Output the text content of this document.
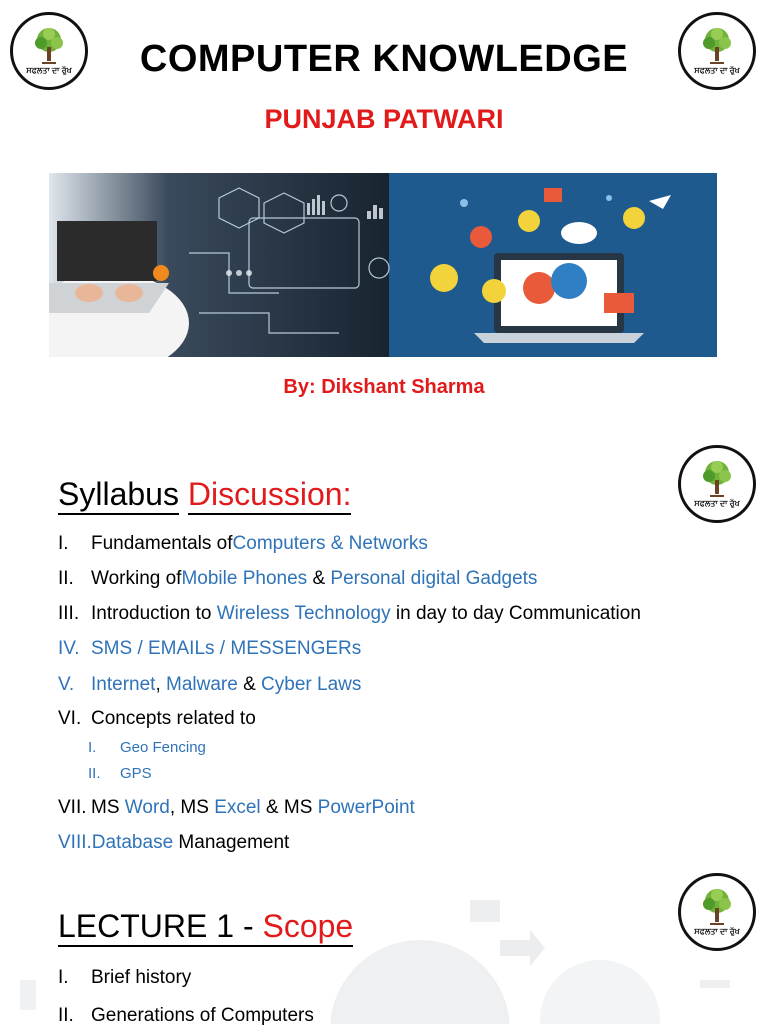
ਸਫਲਤਾ ਦਾ ਰੁੱਖ	ਸਫਲਤਾ ਦਾ ਰੁੱਖ
COMPUTER KNOWLEDGE
PUNJAB PATWARI
By: Dikshant Sharma
ਸਫਲਤਾ ਦਾ ਰੁੱਖ
Syllabus Discussion:
I.	Fundamentals of Computers & Networks
II. Working of Mobile Phones & Personal digital Gadgets
III. Introduction to Wireless Technology in day to day Communication
IV. SMS / EMAILs / MESSENGERs
V. Internet , Malware & Cyber Laws
VI. Concepts related to
I.	Geo Fencing
II.	GPS
VII. MS Word , MS Excel & MS PowerPoint
VIII. Database Management
ਸਫਲਤਾ ਦਾ ਰੁੱਖ
LECTURE 1 - Scope
I.	Brief history
II. Generations of Computers
